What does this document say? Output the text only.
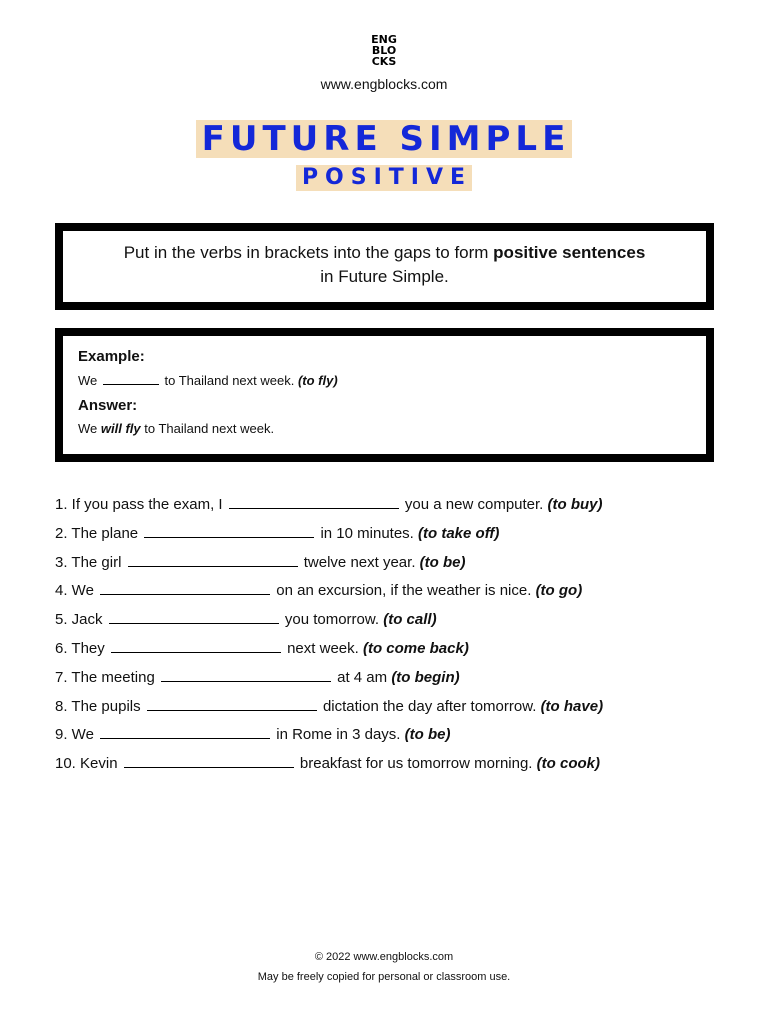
ENG
BLO
CKS
www.engblocks.com
FUTURE SIMPLE
POSITIVE
Put in the verbs in brackets into the gaps to form positive sentences
in Future Simple.
Example:
We	to Thailand next week. (to fly)
Answer:
We will fly to Thailand next week.
1. If you pass the exam, I	you a new computer. (to buy)
2. The plane	in 10 minutes. (to take off)
3. The girl	twelve next year. (to be)
4. We	on an excursion, if the weather is nice. (to go)
5. Jack	you tomorrow. (to call)
6. They	next week. (to come back)
7. The meeting	at 4 am (to begin)
8. The pupils	dictation the day after tomorrow. (to have)
9. We	in Rome in 3 days. (to be)
10. Kevin	breakfast for us tomorrow morning. (to cook)
© 2022 www.engblocks.com
May be freely copied for personal or classroom use.
